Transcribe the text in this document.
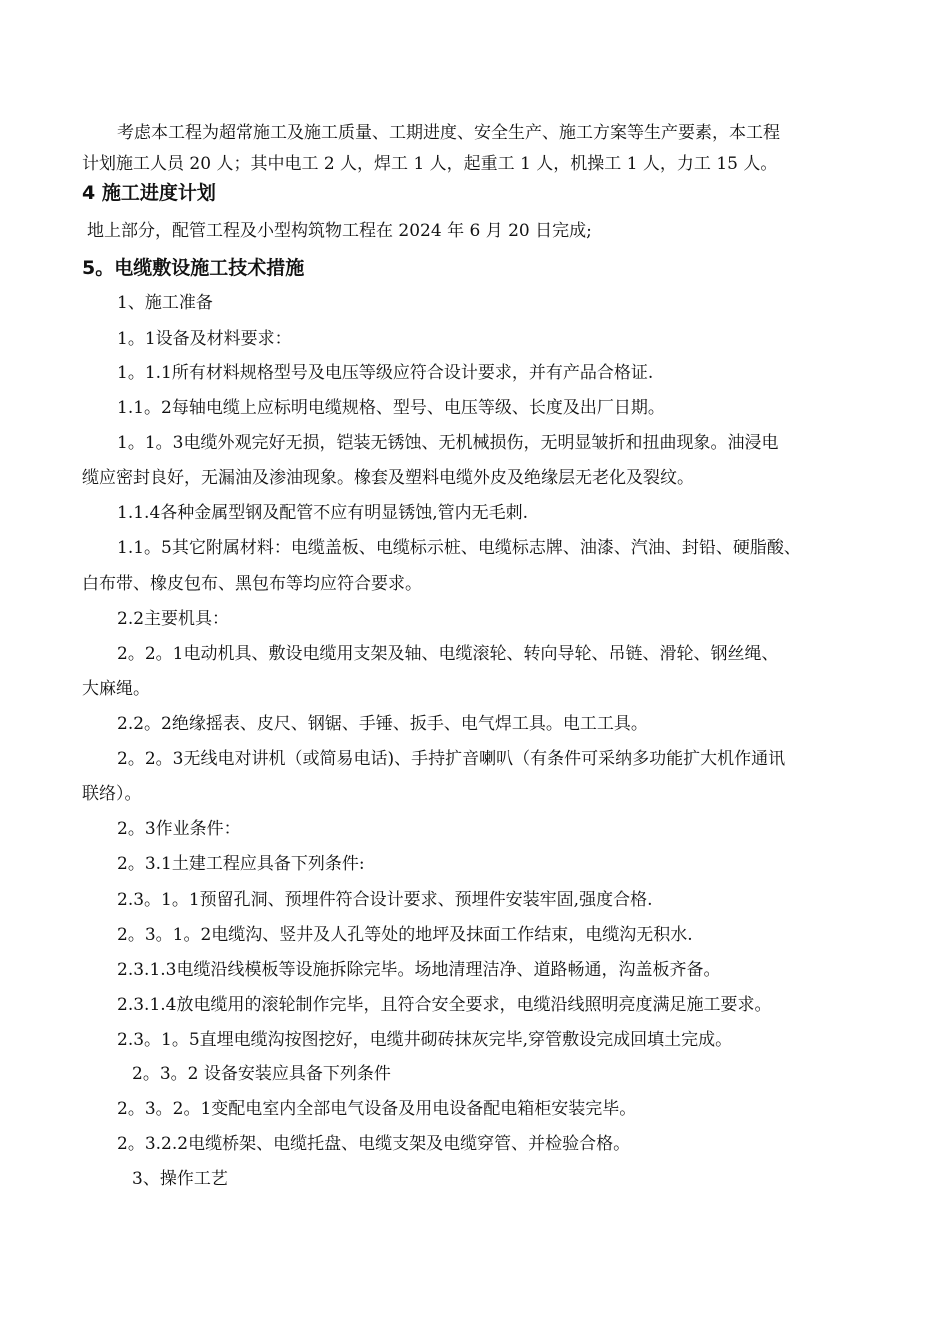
考虑本工程为超常施工及施工质量、工期进度、安全生产、施工方案等生产要素，本工程
计划施工人员 20 人；其中电工 2 人，焊工 1 人，起重工 1 人，机操工 1 人，力工 15 人。
4 施工进度计划
地上部分，配管工程及小型构筑物工程在 2024 年 6 月 20 日完成;
5。电缆敷设施工技术措施
1、施工准备
1。1设备及材料要求：
1。1.1所有材料规格型号及电压等级应符合设计要求，并有产品合格证.
1.1。2每轴电缆上应标明电缆规格、型号、电压等级、长度及出厂日期。
1。1。3电缆外观完好无损，铠装无锈蚀、无机械损伤，无明显皱折和扭曲现象。油浸电
缆应密封良好，无漏油及渗油现象。橡套及塑料电缆外皮及绝缘层无老化及裂纹。
1.1.4各种金属型钢及配管不应有明显锈蚀,管内无毛刺.
1.1。5其它附属材料：电缆盖板、电缆标示桩、电缆标志牌、油漆、汽油、封铅、硬脂酸、
白布带、橡皮包布、黑包布等均应符合要求。
2.2主要机具：
2。2。1电动机具、敷设电缆用支架及轴、电缆滚轮、转向导轮、吊链、滑轮、钢丝绳、
大麻绳。
2.2。2绝缘摇表、皮尺、钢锯、手锤、扳手、电气焊工具。电工工具。
2。2。3无线电对讲机（或简易电话)、手持扩音喇叭（有条件可采纳多功能扩大机作通讯
联络）。
2。3作业条件：
2。3.1土建工程应具备下列条件:
2.3。1。1预留孔洞、预埋件符合设计要求、预埋件安装牢固,强度合格.
2。3。1。2电缆沟、竖井及人孔等处的地坪及抹面工作结束，电缆沟无积水.
2.3.1.3电缆沿线模板等设施拆除完毕。场地清理洁净、道路畅通，沟盖板齐备。
2.3.1.4放电缆用的滚轮制作完毕，且符合安全要求，电缆沿线照明亮度满足施工要求。
2.3。1。5直埋电缆沟按图挖好，电缆井砌砖抹灰完毕,穿管敷设完成回填土完成。
2。3。2 设备安装应具备下列条件
2。3。2。1变配电室内全部电气设备及用电设备配电箱柜安装完毕。
2。3.2.2电缆桥架、电缆托盘、电缆支架及电缆穿管、并检验合格。
3、操作工艺
